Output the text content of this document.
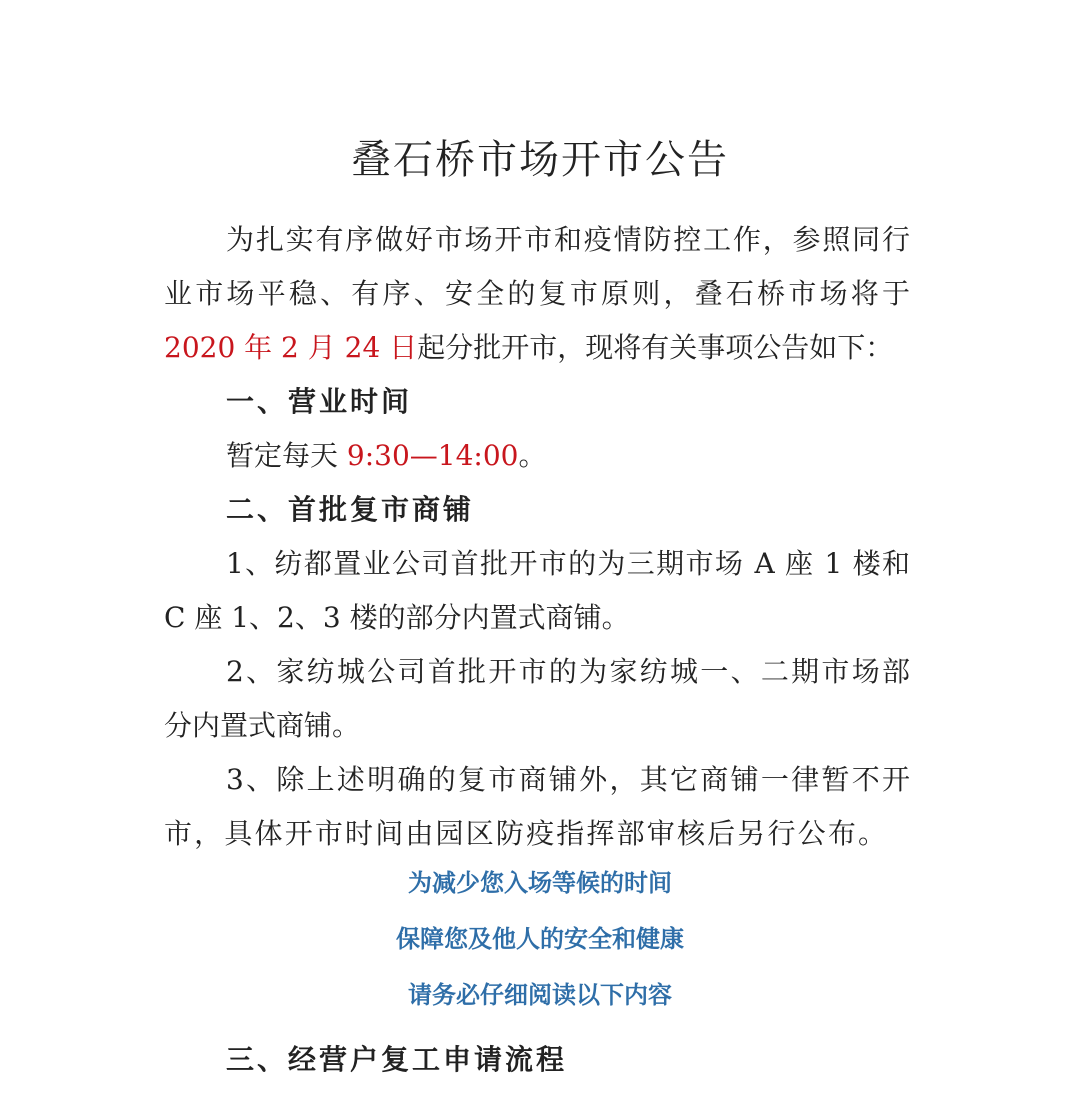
叠石桥市场开市公告
为扎实有序做好市场开市和疫情防控工作，参照同行
业市场平稳、有序、安全的复市原则，叠石桥市场将于
2020 年 2 月 24 日起分批开市，现将有关事项公告如下：
一、营业时间
暂定每天 9:30—14:00。
二、首批复市商铺
1、纺都置业公司首批开市的为三期市场 A 座 1 楼和
C 座 1、2、3 楼的部分内置式商铺。
2、家纺城公司首批开市的为家纺城一、二期市场部
分内置式商铺。
3、除上述明确的复市商铺外，其它商铺一律暂不开
市，具体开市时间由园区防疫指挥部审核后另行公布。
为减少您入场等候的时间
保障您及他人的安全和健康
请务必仔细阅读以下内容
三、经营户复工申请流程
